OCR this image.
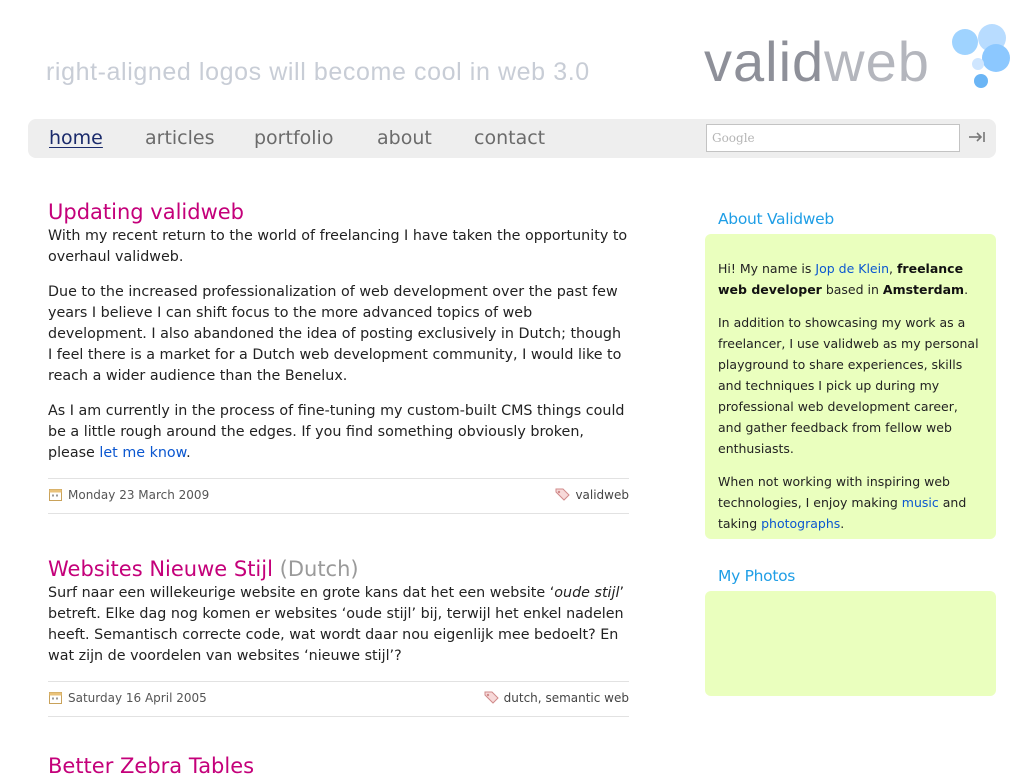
right-aligned logos will become cool in web 3.0 validweb
home articles portfolio about contact
Updating validweb

With my recent return to the world of freelancing I have taken the opportunity to overhaul validweb.

Due to the increased professionalization of web development over the past few years I believe I can shift focus to the more advanced topics of web development. I also abandoned the idea of posting exclusively in Dutch; though I feel there is a market for a Dutch web development community, I would like to reach a wider audience than the Benelux.

As I am currently in the process of fine-tuning my custom-built CMS things could be a little rough around the edges. If you find something obviously broken, please let me know.

Monday 23 March 2009	validweb
Websites Nieuwe Stijl (Dutch)

Surf naar een willekeurige website en grote kans dat het een website ‘oude stijl’ betreft. Elke dag nog komen er websites ‘oude stijl’ bij, terwijl het enkel nadelen heeft. Semantisch correcte code, wat wordt daar nou eigenlijk mee bedoelt? En wat zijn de voordelen van websites ‘nieuwe stijl’?

Saturday 16 April 2005	dutch, semantic web
Better Zebra Tables
About Validweb

Hi! My name is Jop de Klein, freelance web developer based in Amsterdam.

In addition to showcasing my work as a freelancer, I use validweb as my personal playground to share experiences, skills and techniques I pick up during my professional web development career, and gather feedback from fellow web enthusiasts.

When not working with inspiring web technologies, I enjoy making music and taking photographs.

My Photos
Google
